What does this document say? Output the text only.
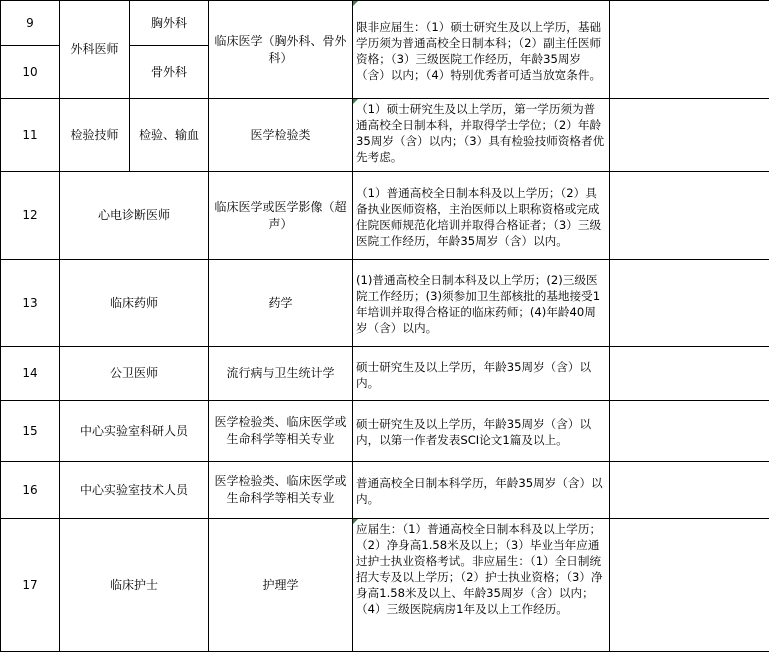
9	外科医师	胸外科	临床医学（胸外科、骨外科）	限非应届生：（1）硕士研究生及以上学历，基础学历须为普通高校全日制本科；（2）副主任医师资格；（3）三级医院工作经历，年龄35周岁（含）以内；（4）特别优秀者可适当放宽条件。	
10		骨外科			
11	检验技师	检验、输血	医学检验类	（1）硕士研究生及以上学历，第一学历须为普通高校全日制本科，并取得学士学位；（2）年龄35周岁（含）以内；（3）具有检验技师资格者优先考虑。	
12	心电诊断医师		临床医学或医学影像（超声）	（1）普通高校全日制本科及以上学历；（2）具备执业医师资格，主治医师以上职称资格或完成住院医师规范化培训并取得合格证者；（3）三级医院工作经历，年龄35周岁（含）以内。	
13	临床药师		药学	(1)普通高校全日制本科及以上学历；(2)三级医院工作经历；(3)须参加卫生部核批的基地接受1年培训并取得合格证的临床药师；(4)年龄40周岁（含）以内。	
14	公卫医师		流行病与卫生统计学	硕士研究生及以上学历，年龄35周岁（含）以内。	
15	中心实验室科研人员		医学检验类、临床医学或生命科学等相关专业	硕士研究生及以上学历，年龄35周岁（含）以内，以第一作者发表SCI论文1篇及以上。	
16	中心实验室技术人员		医学检验类、临床医学或生命科学等相关专业	普通高校全日制本科学历，年龄35周岁（含）以内。	
17	临床护士		护理学	应届生：（1）普通高校全日制本科及以上学历；（2）净身高1.58米及以上；（3）毕业当年应通过护士执业资格考试。非应届生：（1）全日制统招大专及以上学历；（2）护士执业资格；（3）净身高1.58米及以上、年龄35周岁（含）以内；（4）三级医院病房1年及以上工作经历。	
